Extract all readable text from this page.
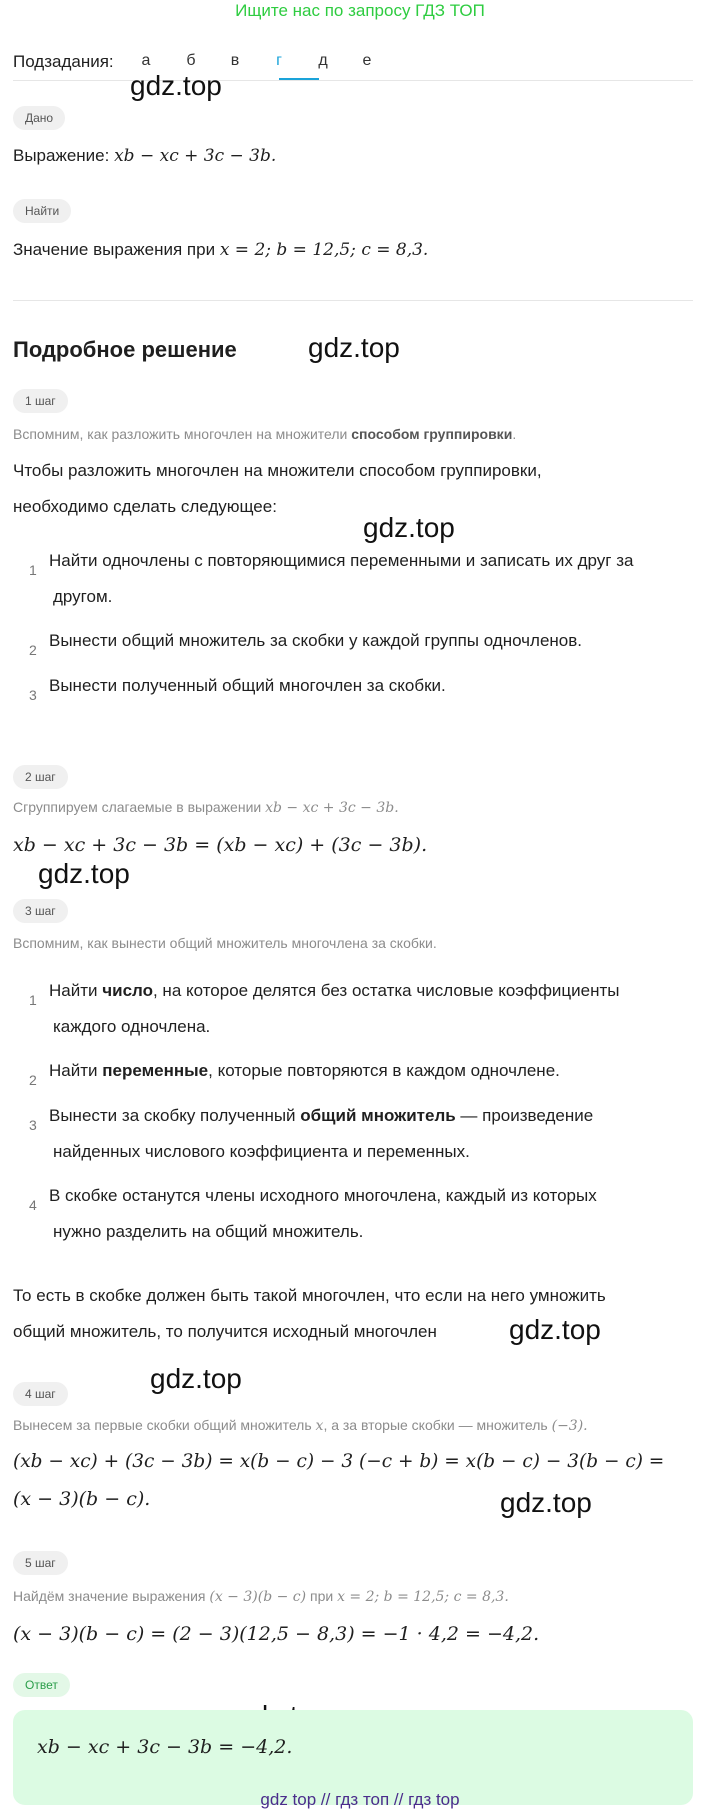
Ищите нас по запросу ГДЗ ТОП
Подзадания:	а	б	в	г	д	е
gdz.top
Дано
Выражение: xb − xc + 3c − 3b.
Найти
Значение выражения при x = 2; b = 12,5; c = 8,3.
Подробное решение	gdz.top
1 шаг
Вспомним, как разложить многочлен на множители способом группировки.
Чтобы разложить многочлен на множители способом группировки,
необходимо сделать следующее:
gdz.top
1 Найти одночлены с повторяющимися переменными и записать их друг за
другом.
2 Вынести общий множитель за скобки у каждой группы одночленов.
3 Вынести полученный общий многочлен за скобки.
2 шаг
Сгруппируем слагаемые в выражении xb − xc + 3c − 3b.
xb − xc + 3c − 3b = (xb − xc) + (3c − 3b).
gdz.top
3 шаг
Вспомним, как вынести общий множитель многочлена за скобки.
1 Найти число, на которое делятся без остатка числовые коэффициенты
каждого одночлена.
2 Найти переменные, которые повторяются в каждом одночлене.
3 Вынести за скобку полученный общий множитель — произведение
найденных числового коэффициента и переменных.
4 В скобке останутся члены исходного многочлена, каждый из которых
нужно разделить на общий множитель.
То есть в скобке должен быть такой многочлен, что если на него умножить
общий множитель, то получится исходный многочлен	gdz.top
4 шаг	gdz.top
Вынесем за первые скобки общий множитель x, а за вторые скобки — множитель (−3).
(xb − xc) + (3c − 3b) = x(b − c) − 3 (−c + b) = x(b − c) − 3(b − c) =
(x − 3)(b − c).	gdz.top
5 шаг
Найдём значение выражения (x − 3)(b − c) при x = 2; b = 12,5; c = 8,3.
(x − 3)(b − c) = (2 − 3)(12,5 − 8,3) = −1 · 4,2 = −4,2.
Ответ
xb − xc + 3c − 3b = −4,2.
gdz top // гдз топ // гдз top
